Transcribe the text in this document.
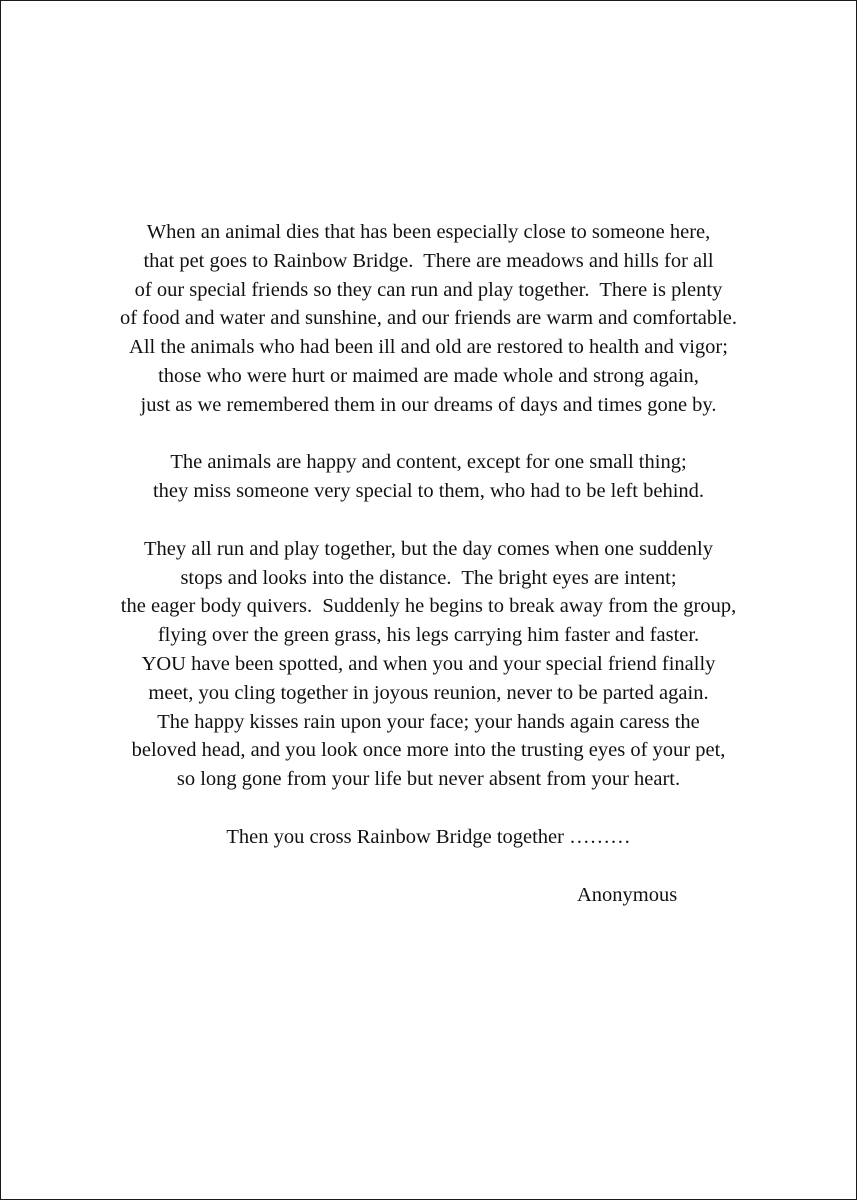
When an animal dies that has been especially close to someone here,
that pet goes to Rainbow Bridge.  There are meadows and hills for all
of our special friends so they can run and play together.  There is plenty
of food and water and sunshine, and our friends are warm and comfortable.
All the animals who had been ill and old are restored to health and vigor;
those who were hurt or maimed are made whole and strong again,
just as we remembered them in our dreams of days and times gone by.
The animals are happy and content, except for one small thing;
they miss someone very special to them, who had to be left behind.
They all run and play together, but the day comes when one suddenly
stops and looks into the distance.  The bright eyes are intent;
the eager body quivers.  Suddenly he begins to break away from the group,
flying over the green grass, his legs carrying him faster and faster.
YOU have been spotted, and when you and your special friend finally
meet, you cling together in joyous reunion, never to be parted again.
The happy kisses rain upon your face; your hands again caress the
beloved head, and you look once more into the trusting eyes of your pet,
so long gone from your life but never absent from your heart.
Then you cross Rainbow Bridge together ………
Anonymous
